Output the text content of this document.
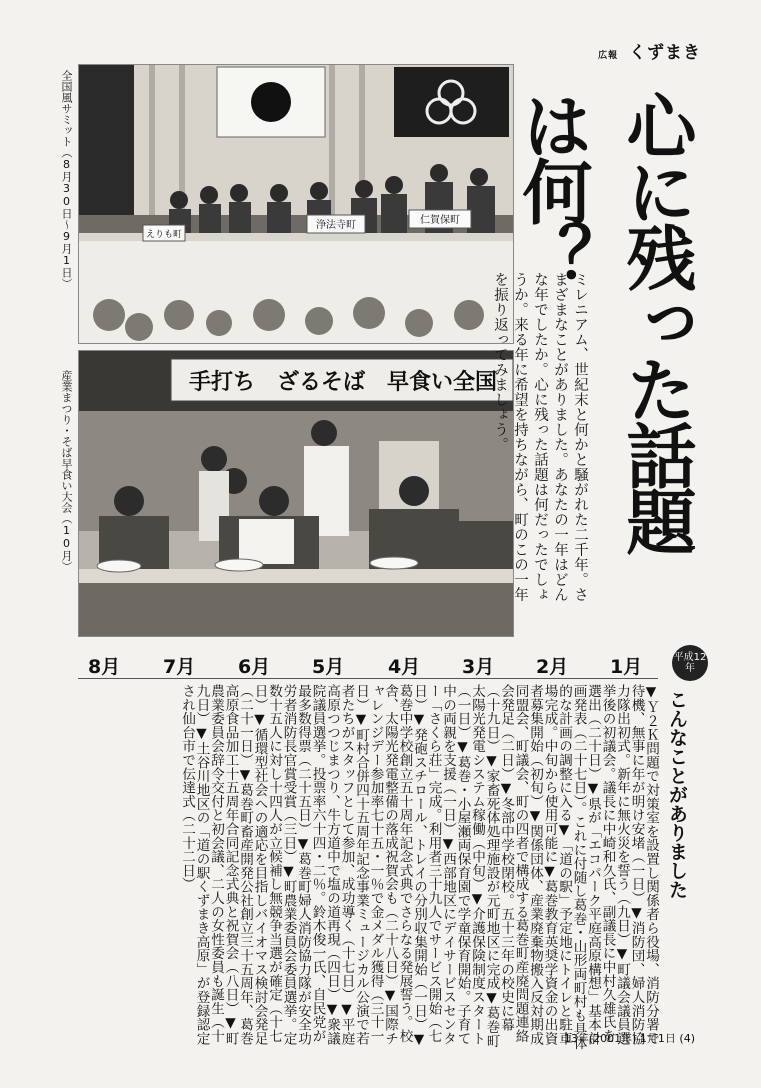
広報 くずまき
全国風サミット（8月30日〜9月1日）
産業まつり・そば早食い大会（10月）
仁賀保町
浄法寺町
えりも町
手打ち　ざるそば　早食い全国 心に残った話題は何？
ミレニアム、世紀末と何かと騒がれた二千年。さまざまなことがありました。あなたの一年はどんな年でしたか。心に残った話題は何だったでしょうか。来る年に希望を持ちながら、町のこの一年を振り返ってみましょう。
平成12年
こんなことがありました
1月
2月
3月
4月
5月
6月
7月
8月

▼Ｙ２Ｋ問題で対策室を設置し関係者ら役場、消防分署で待機、無事に年が明け安堵（一日）▼消防団、婦人消防協力隊出初式。新年に無火災を誓う（九日）▼町議会議員選挙後の初議会。議長に中崎和久氏、副議長に中村久雄氏を選出（二十日）▼県が「エコパーク平庭高原構想」基本計画発表（二十七日）。これに付随し葛巻・山形両町村も具体的な計画の調整に入る▼「道の駅」予定地にトイレと駐車場完成。中旬から使用可能に▼葛巻教育英奨学資金の出資者募集開始（初旬）▼関係団体、産業廃棄物搬入反対期成同盟会、町議会、町の四者で構成する葛巻町産廃問題連絡会発足（二日）▼冬部中学校閉校。五十三年の校史に幕（十九日）▼家畜死体処理施設が元町地区に完成▼葛巻町太陽光発電システム稼働（中旬）▼介護保険制度スタート（一日）▼葛巻・小屋瀬両保育園で学童保育開始。子育て中の両親を支援（一日）▼西部地区にデイサービスセンター「さくら荘」完成。利用者三十九人でサービス開始（七日）▼発砲スチロール、トレイの分別収集開始（一日）▼葛巻中学校創立五十周年記念式典でさらなる発展誓う。校舎、太陽光発電整備の落成祝賀会も（二十八日）▼国際チャレンジデー参加率七十五・一％で金メダル獲得（三十一日）▼町村合併四十五周年記念事業ミュージカル公演で若者たちがスタッフとして参加、成功導く（十七日）▼平庭高原つつじまつり、牛方道中で塩の道再現（四日）▼衆議院議員選挙。投票率六十四・二％。鈴木俊一氏、自民党が最多数得票（二十五日）▼葛巻町婦人消防協力隊が安全功労者消防長官賞受賞（三日）▼町農業委員会委員選挙。定数十五人に対し十四人が立候補し無競争当選が確定（十七日）▼循環型社会への適応を目指しバイオマス検討会発足（二十一日）▼葛巻町畜産開発公社創立三十五周年、葛巻高原食品加工十五周年合同記念式典と祝賀会（八日）▼町農業委員会辞令交付と初会議、二人の女性委員も誕生（十九日）▼土谷川地区の「道の駅くずまき高原」が登録認定され仙台市で伝達式（二十二日）

13年(2001年) 1月1日 (4)
